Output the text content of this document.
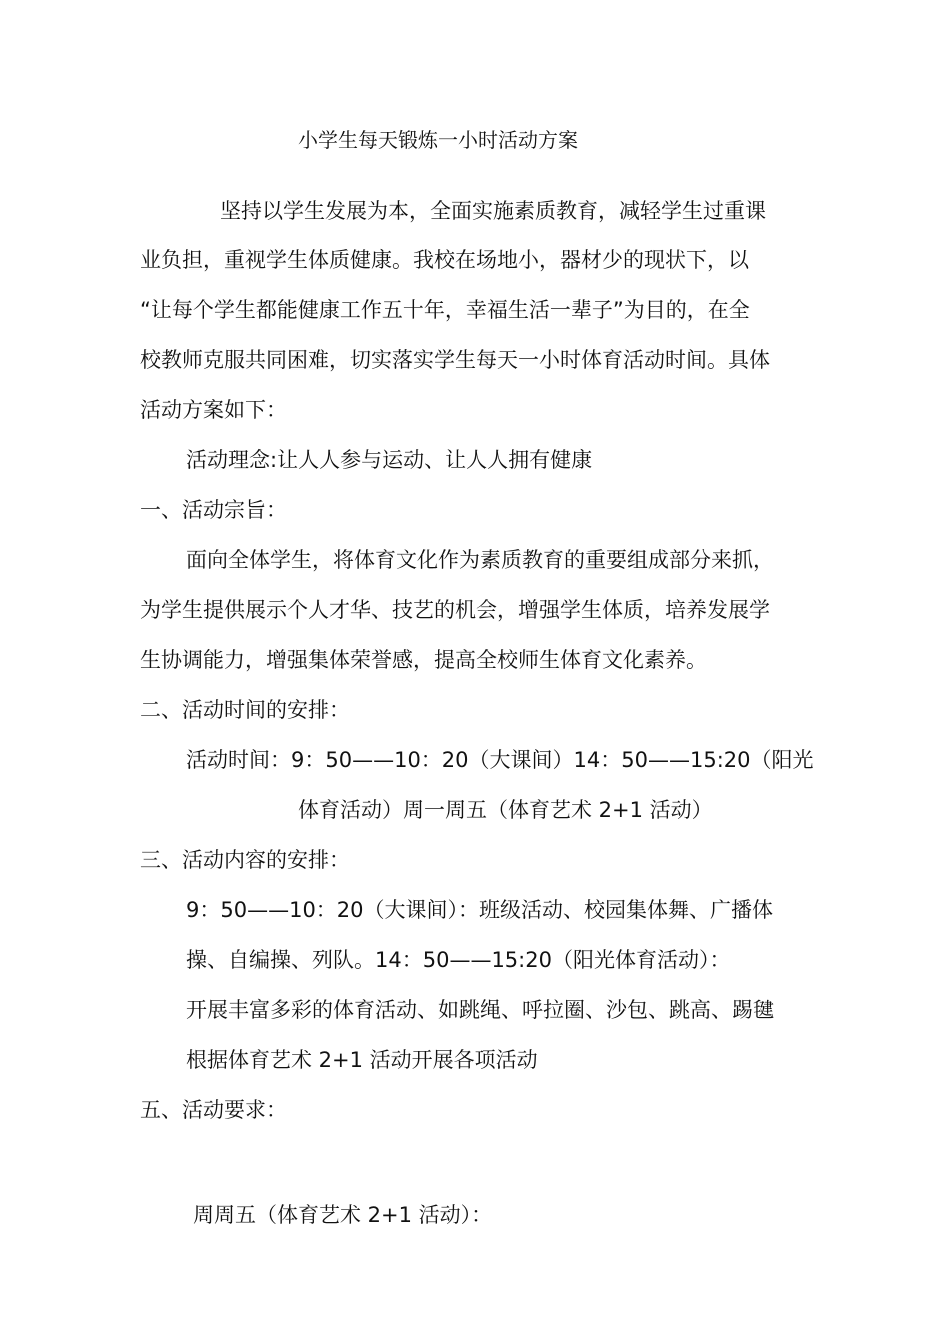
小学生每天锻炼一小时活动方案
坚持以学生发展为本，全面实施素质教育，减轻学生过重课
业负担，重视学生体质健康。我校在场地小，器材少的现状下，以
“让每个学生都能健康工作五十年，幸福生活一辈子”为目的，在全
校教师克服共同困难，切实落实学生每天一小时体育活动时间。具体
活动方案如下：
活动理念:让人人参与运动、让人人拥有健康
一、活动宗旨：
面向全体学生，将体育文化作为素质教育的重要组成部分来抓，
为学生提供展示个人才华、技艺的机会，增强学生体质，培养发展学
生协调能力，增强集体荣誉感，提高全校师生体育文化素养。
二、活动时间的安排：
活动时间：9：50——10：20（大课间）14：50——15:20（阳光
体育活动）周一周五（体育艺术 2+1 活动）
三、活动内容的安排：
9：50——10：20（大课间）：班级活动、校园集体舞、广播体
操、自编操、列队。14：50——15:20（阳光体育活动）：
开展丰富多彩的体育活动、如跳绳、呼拉圈、沙包、跳高、踢毽
根据体育艺术 2+1 活动开展各项活动
五、活动要求：
周周五（体育艺术 2+1 活动）：
